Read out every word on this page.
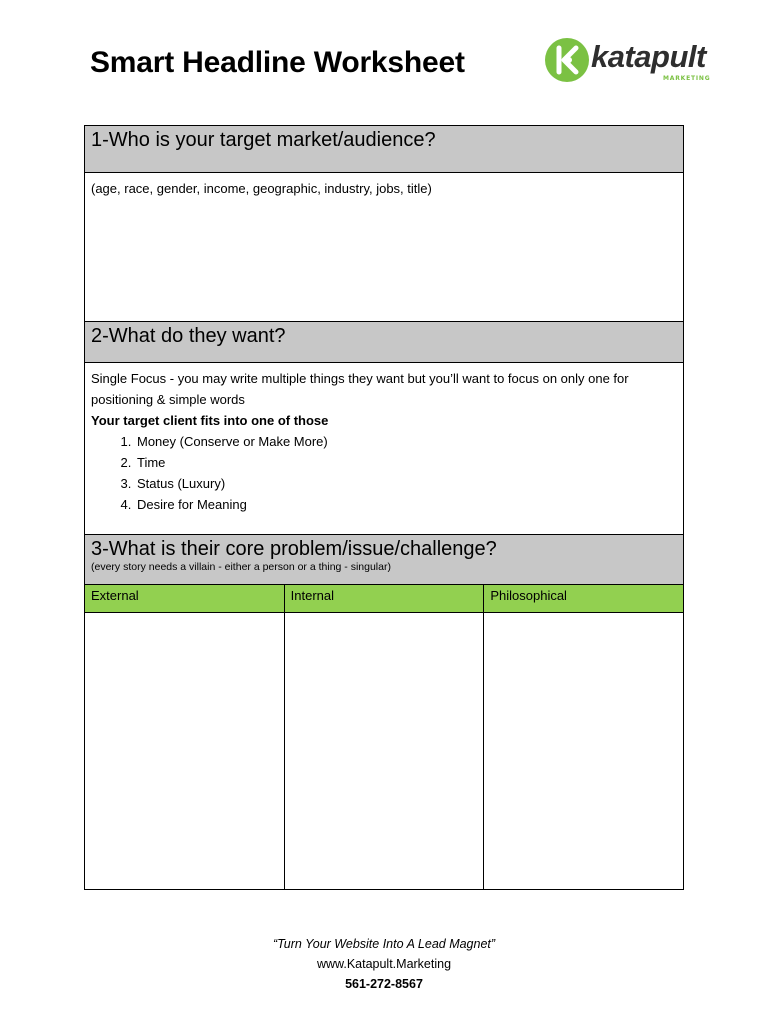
Smart Headline Worksheet	katapult
MARKETING
1-Who is your target market/audience?
(age, race, gender, income, geographic, industry, jobs, title)
2-What do they want?
Single Focus - you may write multiple things they want but you’ll want to focus on only one for positioning & simple words
Your target client fits into one of those
1. Money (Conserve or Make More)
2. Time
3. Status (Luxury)
4. Desire for Meaning
3-What is their core problem/issue/challenge?
(every story needs a villain - either a person or a thing - singular)
External	Internal	Philosophical
“Turn Your Website Into A Lead Magnet”
www.Katapult.Marketing
561-272-8567
